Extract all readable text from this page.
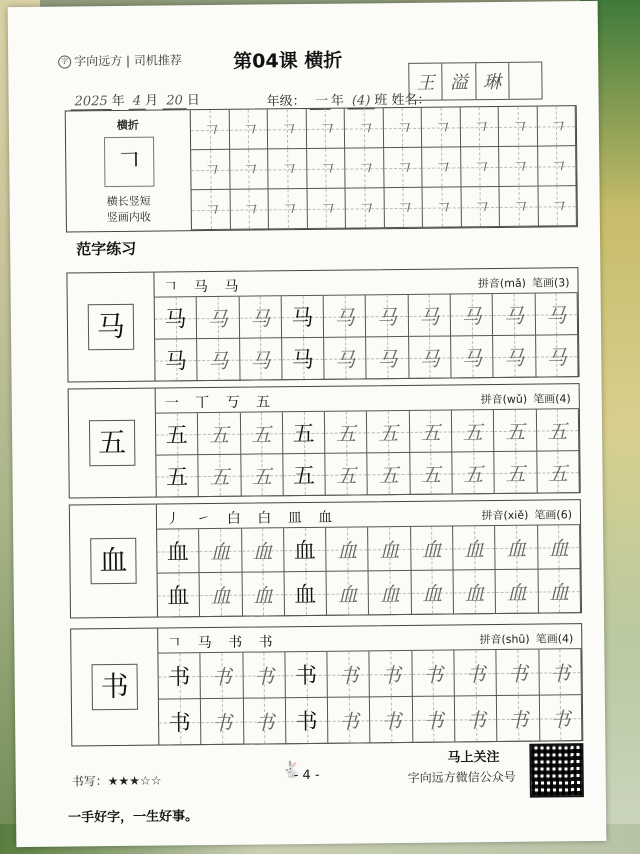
字 字向远方 | 司机推荐	第04课 横折
2025 年 4 月 20 日	年级： 一 年 (4) 班 姓名：
王 溢 琳
横折
𠃍
横长竖短
竖画内收
𠃍 𠃍 𠃍 𠃍 𠃍 𠃍 𠃍 𠃍 𠃍 𠃍
𠃍 𠃍 𠃍 𠃍 𠃍 𠃍 𠃍 𠃍 𠃍 𠃍
𠃍 𠃍 𠃍 𠃍 𠃍 𠃍 𠃍 𠃍 𠃍 𠃍
范字练习
马
𠃍 马 马	拼音(mǎ) 笔画(3)
马 马 马 马 马 马 马 马 马 马
马 马 马 马 马 马 马 马 马 马
五
一 丅 丂 五	拼音(wǔ) 笔画(4)
五 五 五 五 五 五 五 五 五 五
五 五 五 五 五 五 五 五 五 五
血
丿 ㇀ 白 白 皿 血	拼音(xiě) 笔画(6)
血 血 血 血 血 血 血 血 血 血
血 血 血 血 血 血 血 血 血 血
书
𠃍 马 书 书	拼音(shū) 笔画(4)
书 书 书 书 书 书 书 书 书 书
书 书 书 书 书 书 书 书 书 书
书写：★★★☆☆
🐇
- 4 -
一手好字，一生好事。
马上关注
字向远方微信公众号
